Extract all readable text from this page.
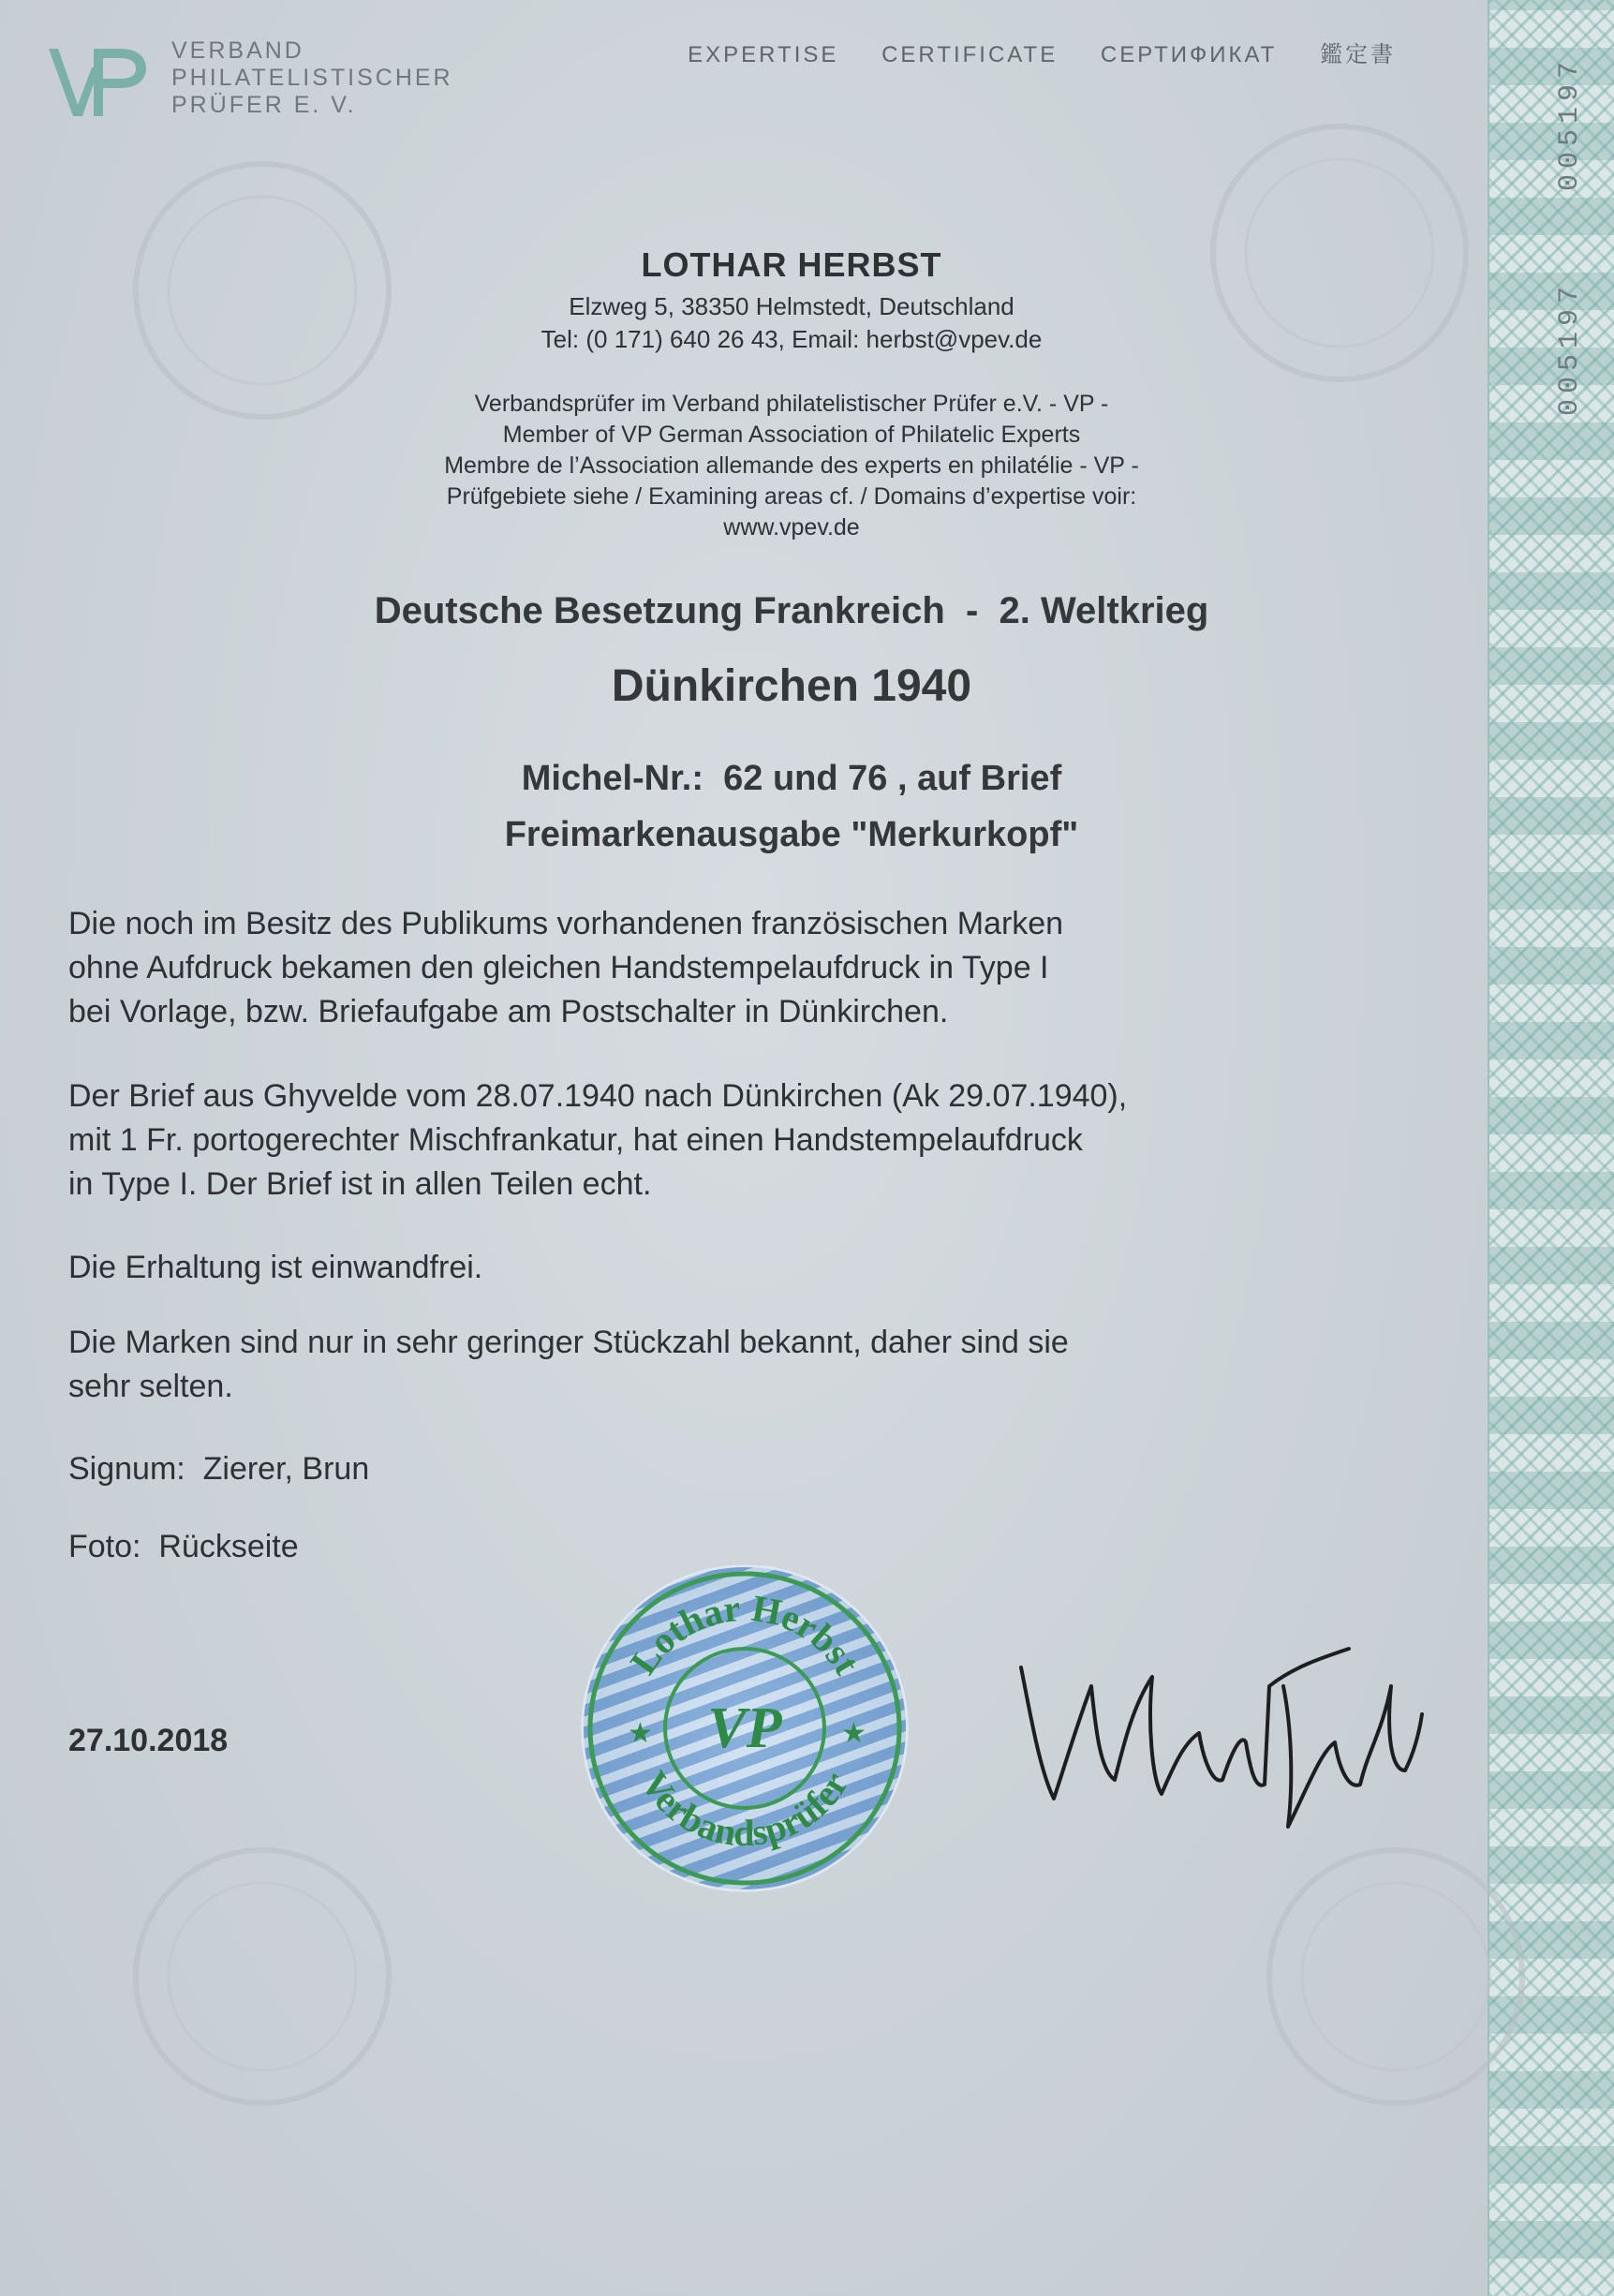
005197
005197
VERBAND
PHILATELISTISCHER
PRÜFER E. V.
EXPERTISE CERTIFICATE СЕРТИФИКАТ 鑑定書
LOTHAR HERBST
Elzweg 5, 38350 Helmstedt, Deutschland
Tel: (0 171) 640 26 43, Email: herbst@vpev.de
Verbandsprüfer im Verband philatelistischer Prüfer e.V. - VP -
Member of VP German Association of Philatelic Experts
Membre de l’Association allemande des experts en philatélie - VP -
Prüfgebiete siehe / Examining areas cf. / Domains d’expertise voir:
www.vpev.de
Deutsche Besetzung Frankreich  -  2. Weltkrieg
Dünkirchen 1940
Michel-Nr.:  62 und 76 , auf Brief
Freimarkenausgabe "Merkurkopf"
Die noch im Besitz des Publikums vorhandenen französischen Marken
ohne Aufdruck bekamen den gleichen Handstempelaufdruck in Type I
bei Vorlage, bzw. Briefaufgabe am Postschalter in Dünkirchen.
Der Brief aus Ghyvelde vom 28.07.1940 nach Dünkirchen (Ak 29.07.1940),
mit 1 Fr. portogerechter Mischfrankatur, hat einen Handstempelaufdruck
in Type I. Der Brief ist in allen Teilen echt.
Die Erhaltung ist einwandfrei.
Die Marken sind nur in sehr geringer Stückzahl bekannt, daher sind sie
sehr selten.
Signum:  Zierer, Brun
Foto:  Rückseite
27.10.2018
Lothar Herbst
Verbandsprüfer
VP
★	★
